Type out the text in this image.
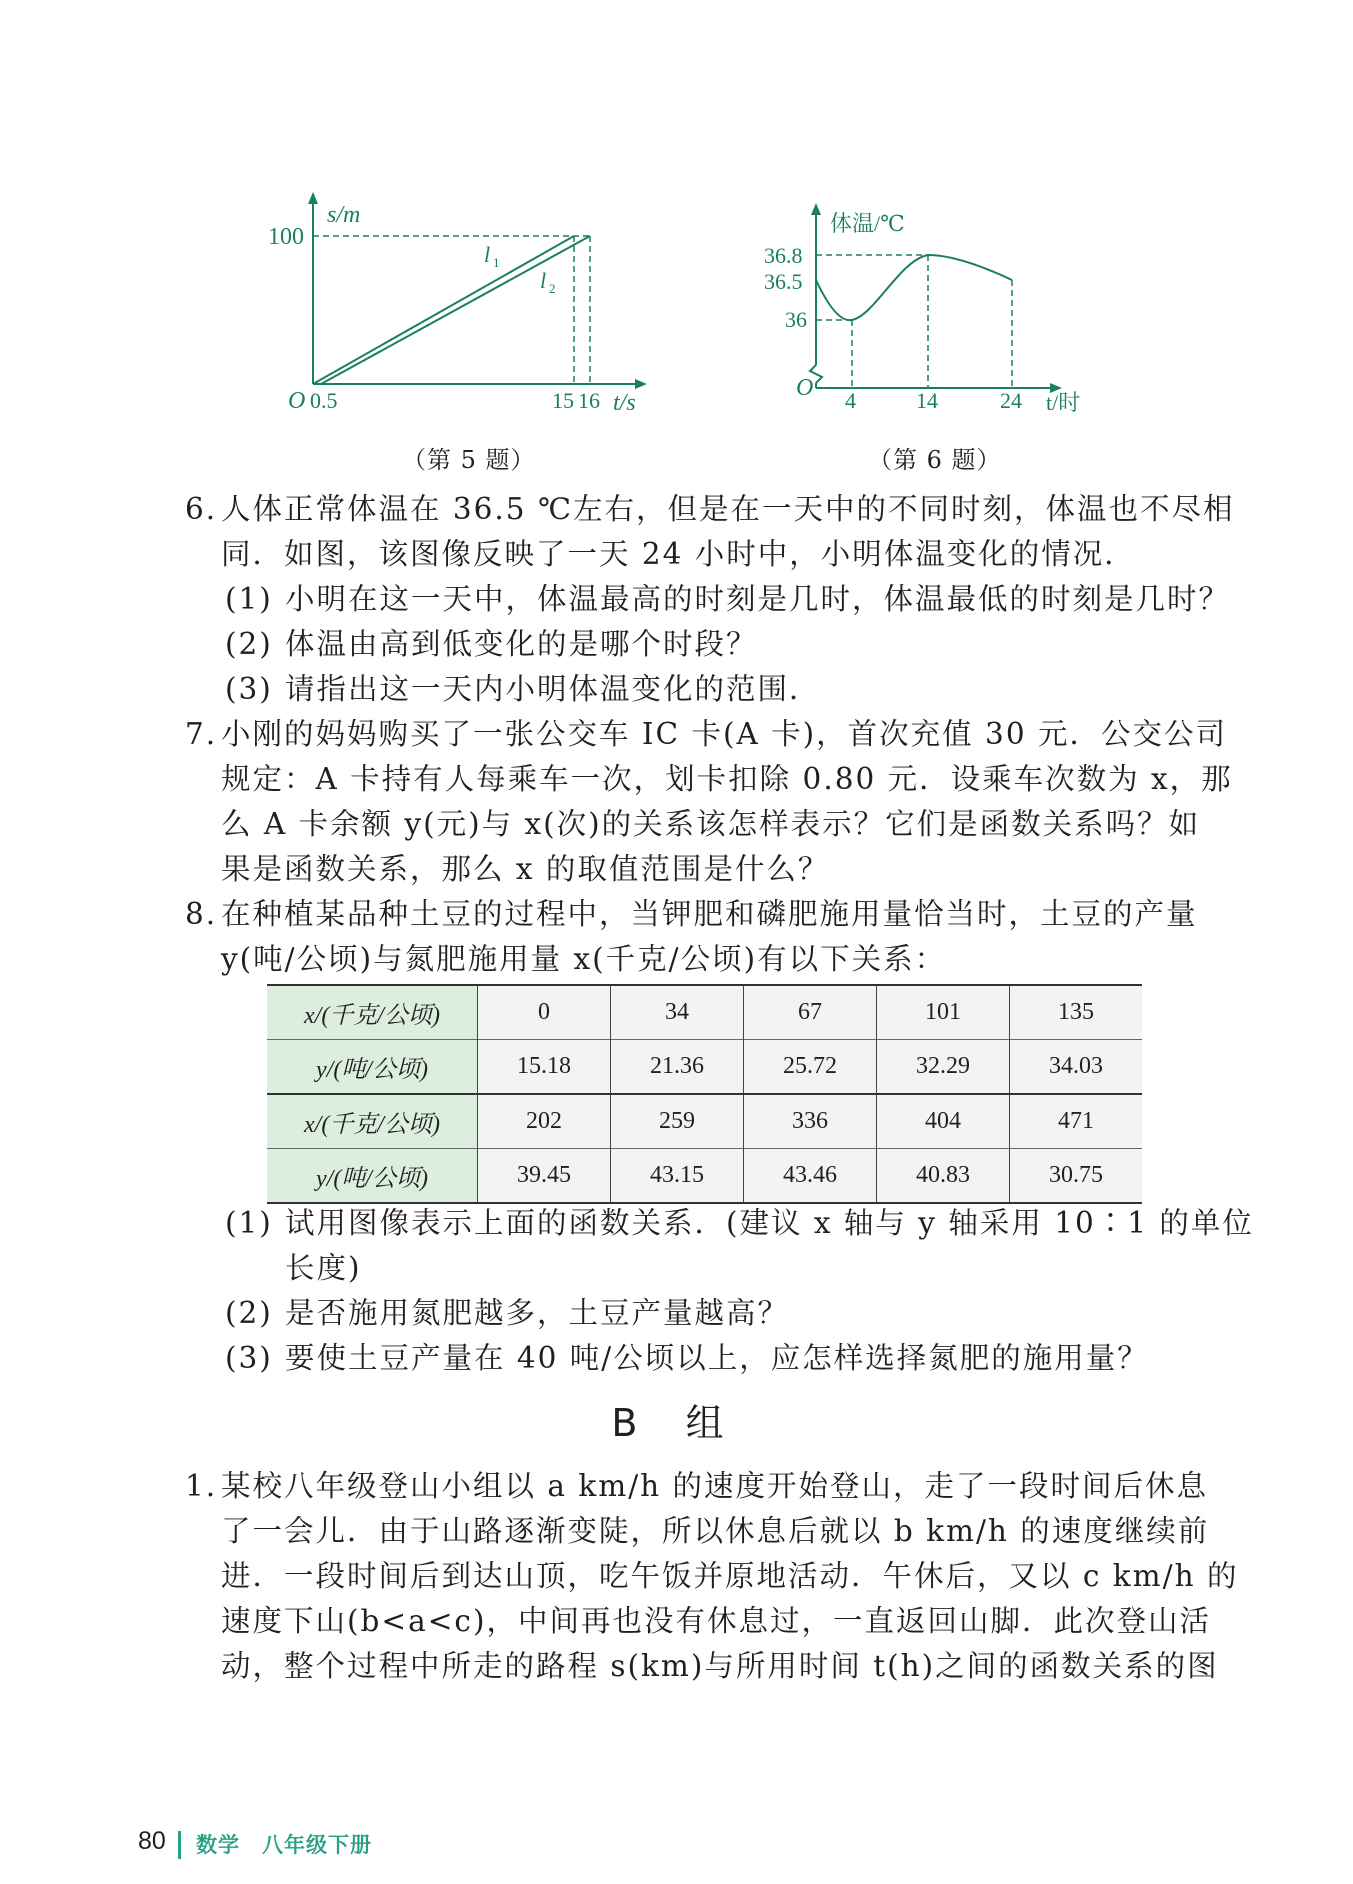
s/m
100
O 0.5	15 16 t/s
l 1
l 2
（第 5 题）
体温/℃
36.8
36.5
36
O 4	14	24 t/时
（第 6 题）
6. 人体正常体温在 36.5 ℃左右，但是在一天中的不同时刻，体温也不尽相
同．如图，该图像反映了一天 24 小时中，小明体温变化的情况．
(1) 小明在这一天中，体温最高的时刻是几时，体温最低的时刻是几时？
(2) 体温由高到低变化的是哪个时段？
(3) 请指出这一天内小明体温变化的范围．
7. 小刚的妈妈购买了一张公交车 IC 卡(A 卡)，首次充值 30 元．公交公司
规定：A 卡持有人每乘车一次，划卡扣除 0.80 元．设乘车次数为 x，那
么 A 卡余额 y(元)与 x(次)的关系该怎样表示？它们是函数关系吗？如
果是函数关系，那么 x 的取值范围是什么？
8. 在种植某品种土豆的过程中，当钾肥和磷肥施用量恰当时，土豆的产量
y(吨/公顷)与氮肥施用量 x(千克/公顷)有以下关系：
x/(千克/公顷)	0	34	67	101	135
y/(吨/公顷)	15.18	21.36	25.72	32.29	34.03
x/(千克/公顷)	202	259	336	404	471
y/(吨/公顷)	39.45	43.15	43.46	40.83	30.75
(1) 试用图像表示上面的函数关系．(建议 x 轴与 y 轴采用 10∶1 的单位
长度)
(2) 是否施用氮肥越多，土豆产量越高？
(3) 要使土豆产量在 40 吨/公顷以上，应怎样选择氮肥的施用量？
B 组
1. 某校八年级登山小组以 a km/h 的速度开始登山，走了一段时间后休息
了一会儿．由于山路逐渐变陡，所以休息后就以 b km/h 的速度继续前
进．一段时间后到达山顶，吃午饭并原地活动．午休后，又以 c km/h 的
速度下山(b<a<c)，中间再也没有休息过，一直返回山脚．此次登山活
动，整个过程中所走的路程 s(km)与所用时间 t(h)之间的函数关系的图
80 数学　八年级下册
